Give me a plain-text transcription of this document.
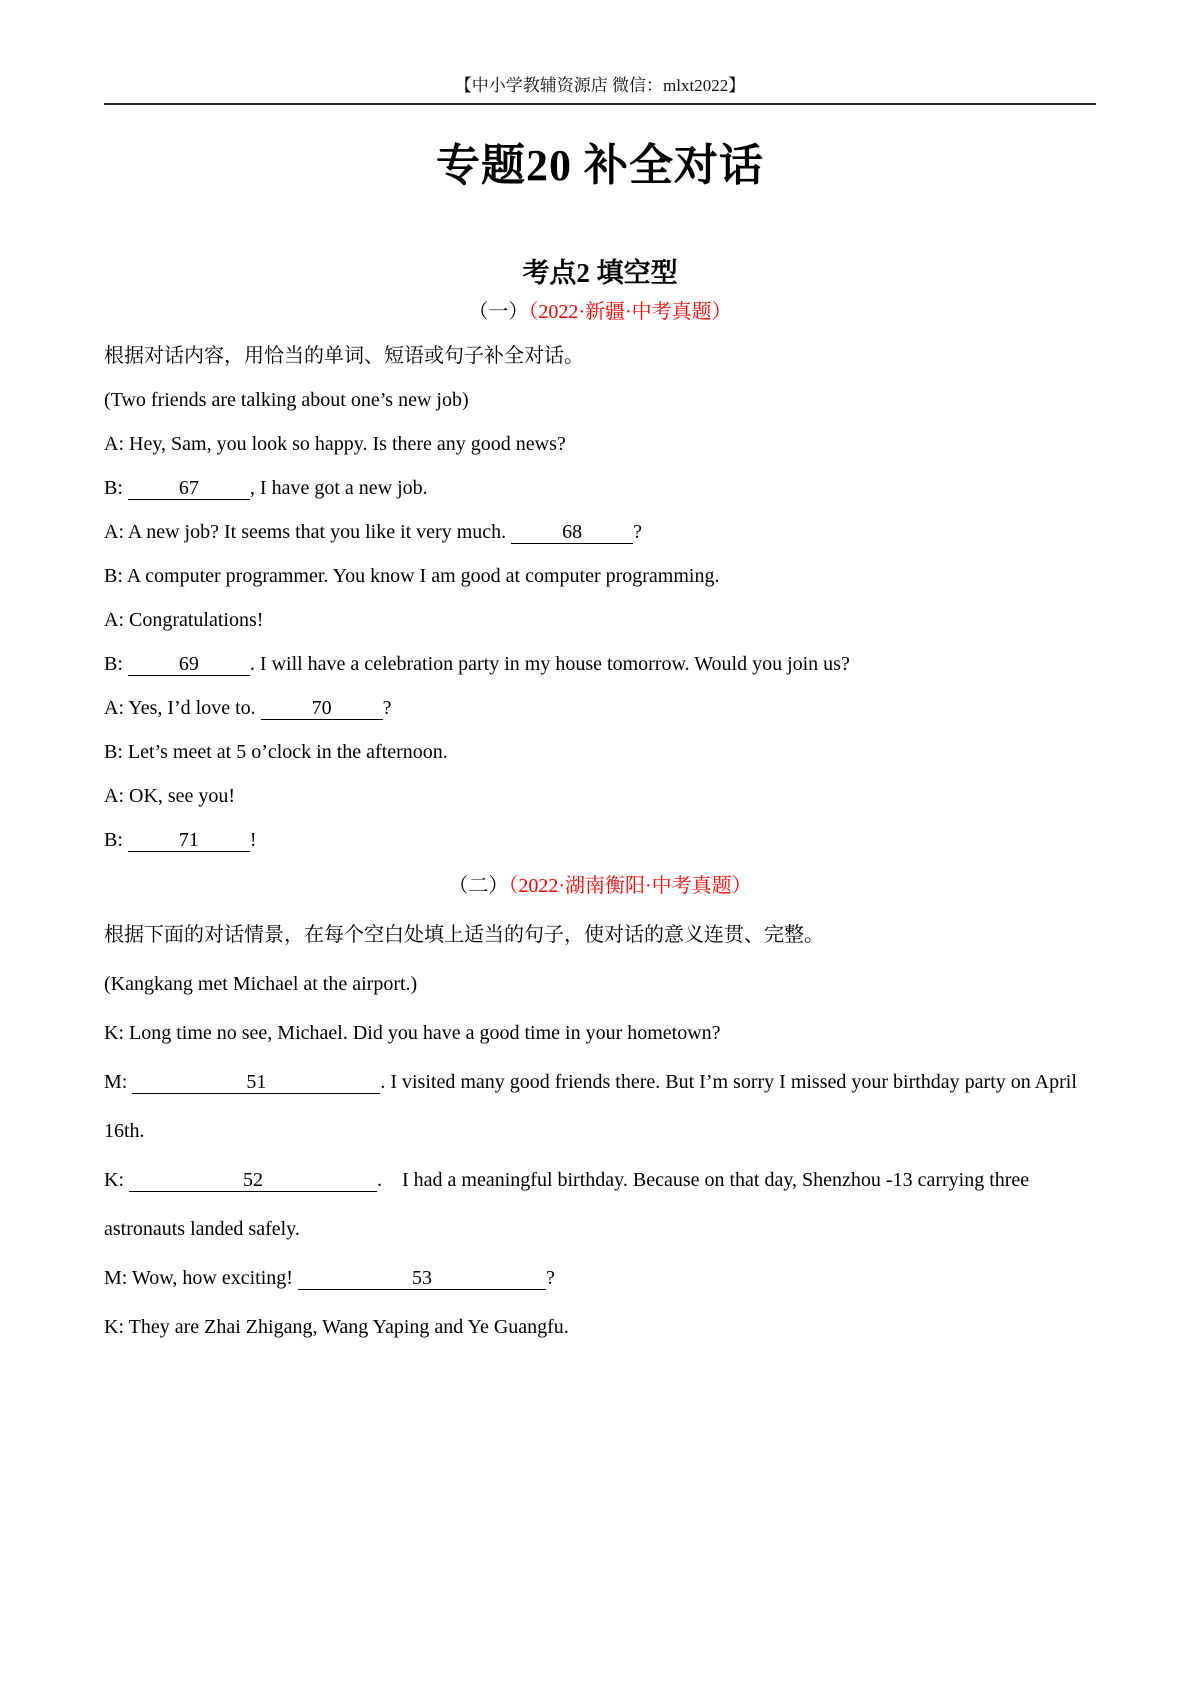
【中小学教辅资源店 微信：mlxt2022】
专题20 补全对话
考点2 填空型

（一）（2022·新疆·中考真题）

根据对话内容，用恰当的单词、短语或句子补全对话。

(Two friends are talking about one’s new job)

A: Hey, Sam, you look so happy. Is there any good news?

B:	67	, I have got a new job.

A: A new job? It seems that you like it very much.	68	?

B: A computer programmer. You know I am good at computer programming.

A: Congratulations!

B:	69	. I will have a celebration party in my house tomorrow. Would you join us?

A: Yes, I’d love to.	70	?

B: Let’s meet at 5 o’clock in the afternoon.

A: OK, see you!

B:	71	!

（二）（2022·湖南衡阳·中考真题）

根据下面的对话情景，在每个空白处填上适当的句子，使对话的意义连贯、完整。

(Kangkang met Michael at the airport.)

K: Long time no see, Michael. Did you have a good time in your hometown?

M:	51	. I visited many good friends there. But I’m sorry I missed your birthday party on April 16th.

K:	52	.    I had a meaningful birthday. Because on that day, Shenzhou -13 carrying three astronauts landed safely.

M: Wow, how exciting!	53	?

K: They are Zhai Zhigang, Wang Yaping and Ye Guangfu.
